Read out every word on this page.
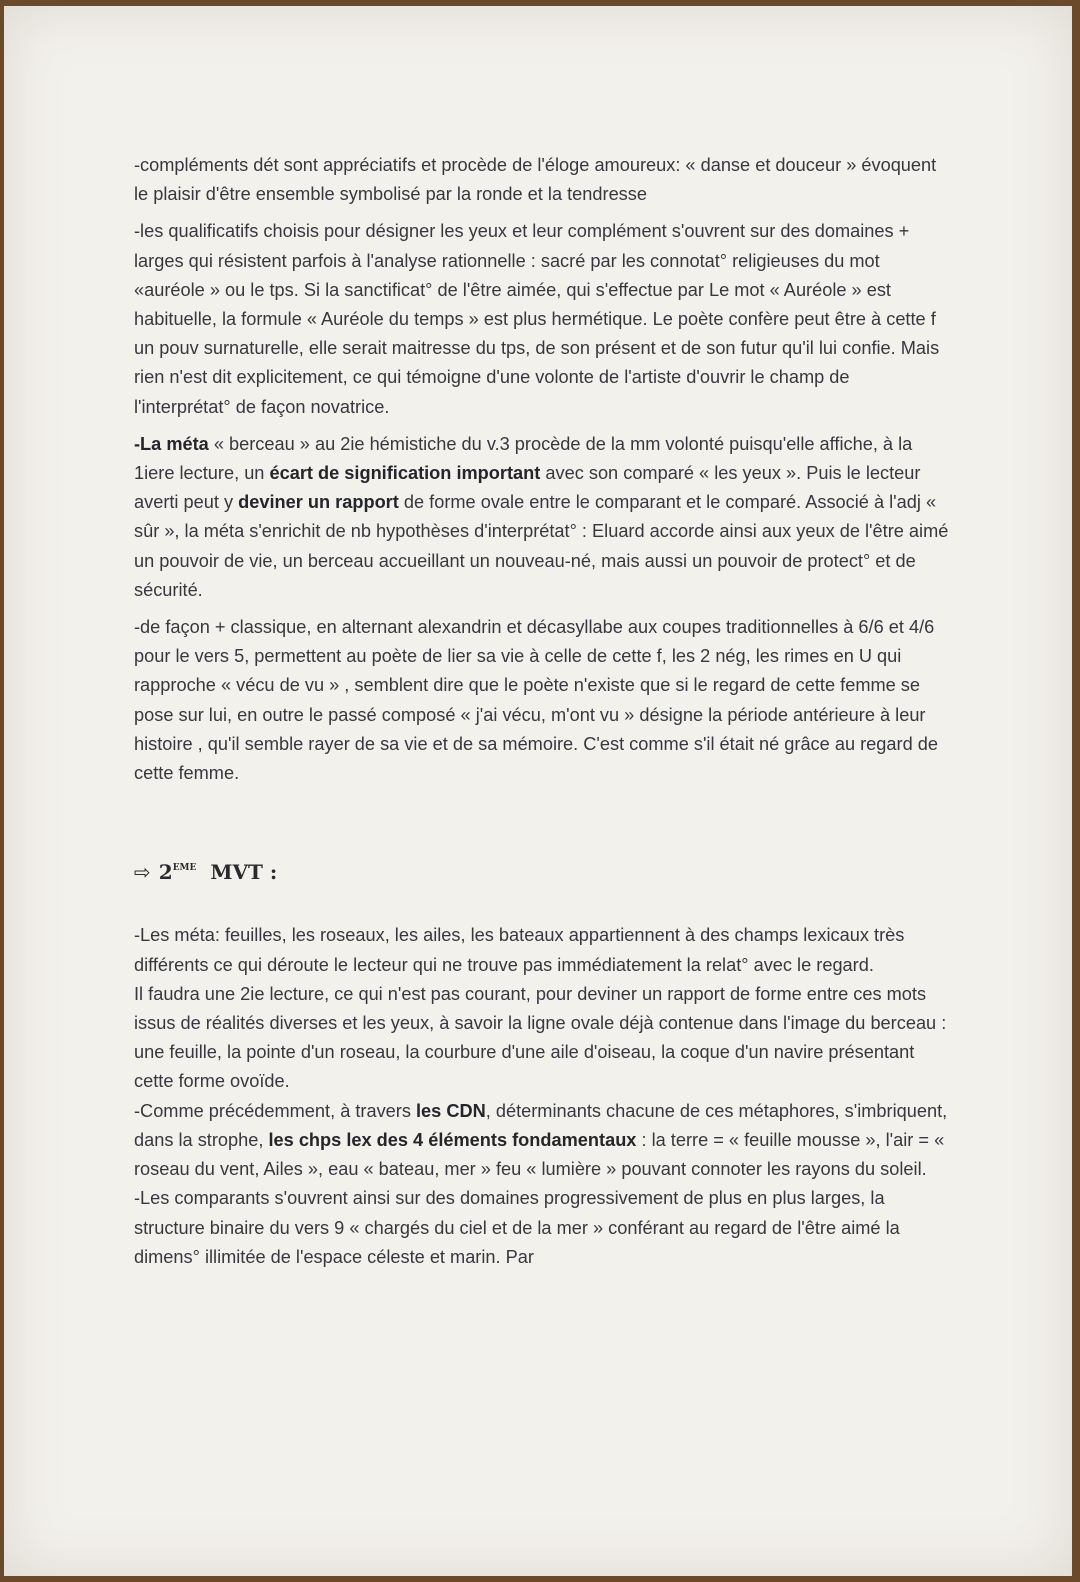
-compléments dét sont appréciatifs et procède de l'éloge amoureux: « danse et douceur » évoquent le plaisir d'être ensemble symbolisé par la ronde et la tendresse

-les qualificatifs choisis pour désigner les yeux et leur complément s'ouvrent sur des domaines + larges qui résistent parfois à l'analyse rationnelle : sacré par les connotat° religieuses du mot «auréole » ou le tps. Si la sanctificat° de l'être aimée, qui s'effectue par Le mot « Auréole » est habituelle, la formule « Auréole du temps » est plus hermétique. Le poète confère peut être à cette f un pouv surnaturelle, elle serait maitresse du tps, de son présent et de son futur qu'il lui confie. Mais rien n'est dit explicitement, ce qui témoigne d'une volonte de l'artiste d'ouvrir le champ de l'interprétat° de façon novatrice.

-La méta « berceau » au 2ie hémistiche du v.3 procède de la mm volonté puisqu'elle affiche, à la 1iere lecture, un écart de signification important avec son comparé « les yeux ». Puis le lecteur averti peut y deviner un rapport de forme ovale entre le comparant et le comparé. Associé à l'adj « sûr », la méta s'enrichit de nb hypothèses d'interprétat° : Eluard accorde ainsi aux yeux de l'être aimé un pouvoir de vie, un berceau accueillant un nouveau-né, mais aussi un pouvoir de protect° et de sécurité.

-de façon + classique, en alternant alexandrin et décasyllabe aux coupes traditionnelles à 6/6 et 4/6 pour le vers 5, permettent au poète de lier sa vie à celle de cette f, les 2 nég, les rimes en U qui rapproche « vécu de vu » , semblent dire que le poète n'existe que si le regard de cette femme se pose sur lui, en outre le passé composé « j'ai vécu, m'ont vu » désigne la période antérieure à leur histoire , qu'il semble rayer de sa vie et de sa mémoire. C'est comme s'il était né grâce au regard de cette femme.

⇨ 2EME MVT :

-Les méta: feuilles, les roseaux, les ailes, les bateaux appartiennent à des champs lexicaux très différents ce qui déroute le lecteur qui ne trouve pas immédiatement la relat° avec le regard.

Il faudra une 2ie lecture, ce qui n'est pas courant, pour deviner un rapport de forme entre ces mots issus de réalités diverses et les yeux, à savoir la ligne ovale déjà contenue dans l'image du berceau : une feuille, la pointe d'un roseau, la courbure d'une aile d'oiseau, la coque d'un navire présentant cette forme ovoïde.

-Comme précédemment, à travers les CDN, déterminants chacune de ces métaphores, s'imbriquent, dans la strophe, les chps lex des 4 éléments fondamentaux : la terre = « feuille mousse », l'air = « roseau du vent, Ailes », eau « bateau, mer » feu « lumière » pouvant connoter les rayons du soleil.

-Les comparants s'ouvrent ainsi sur des domaines progressivement de plus en plus larges, la structure binaire du vers 9 « chargés du ciel et de la mer » conférant au regard de l'être aimé la dimens° illimitée de l'espace céleste et marin. Par
